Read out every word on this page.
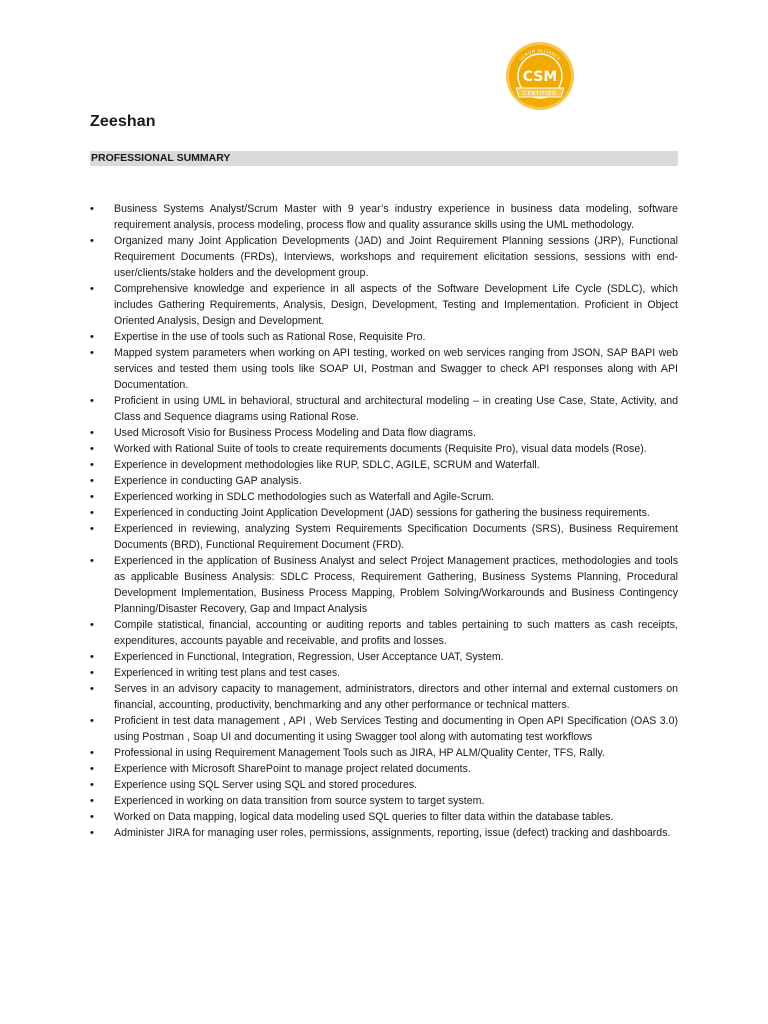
SCRUM ALLIANCE
CSM
CERTIFIED
Zeeshan
PROFESSIONAL SUMMARY
•	Business Systems Analyst/Scrum Master with 9 year’s industry experience in business data modeling, software requirement analysis, process modeling, process flow and quality assurance skills using the UML methodology.
•	Organized many Joint Application Developments (JAD) and Joint Requirement Planning sessions (JRP), Functional Requirement Documents (FRDs), Interviews, workshops and requirement elicitation sessions, sessions with end-user/clients/stake holders and the development group.
•	Comprehensive knowledge and experience in all aspects of the Software Development Life Cycle (SDLC), which includes Gathering Requirements, Analysis, Design, Development, Testing and Implementation. Proficient in Object Oriented Analysis, Design and Development.
•	Expertise in the use of tools such as Rational Rose, Requisite Pro.
•	Mapped system parameters when working on API testing, worked on web services ranging from JSON, SAP BAPI web services and tested them using tools like SOAP UI, Postman and Swagger to check API responses along with API Documentation.
•	Proficient in using UML in behavioral, structural and architectural modeling – in creating Use Case, State, Activity, and Class and Sequence diagrams using Rational Rose.
•	Used Microsoft Visio for Business Process Modeling and Data flow diagrams.
•	Worked with Rational Suite of tools to create requirements documents (Requisite Pro), visual data models (Rose).
•	Experience in development methodologies like RUP, SDLC, AGILE, SCRUM and Waterfall.
•	Experience in conducting GAP analysis.
•	Experienced working in SDLC methodologies such as Waterfall and Agile-Scrum.
•	Experienced in conducting Joint Application Development (JAD) sessions for gathering the business requirements.
•	Experienced in reviewing, analyzing System Requirements Specification Documents (SRS), Business Requirement Documents (BRD), Functional Requirement Document (FRD).
•	Experienced in the application of Business Analyst and select Project Management practices, methodologies and tools as applicable Business Analysis: SDLC Process, Requirement Gathering, Business Systems Planning, Procedural Development Implementation, Business Process Mapping, Problem Solving/Workarounds and Business Contingency Planning/Disaster Recovery, Gap and Impact Analysis
•	Compile statistical, financial, accounting or auditing reports and tables pertaining to such matters as cash receipts, expenditures, accounts payable and receivable, and profits and losses.
•	Experienced in Functional, Integration, Regression, User Acceptance UAT, System.
•	Experienced in writing test plans and test cases.
•	Serves in an advisory capacity to management, administrators, directors and other internal and external customers on financial, accounting, productivity, benchmarking and any other performance or technical matters.
•	Proficient in test data management , API , Web Services Testing and documenting in Open API Specification (OAS 3.0) using Postman , Soap UI and documenting it using Swagger tool along with automating test workflows
•	Professional in using Requirement Management Tools such as JIRA, HP ALM/Quality Center, TFS, Rally.
•	Experience with Microsoft SharePoint to manage project related documents.
•	Experience using SQL Server using SQL and stored procedures.
•	Experienced in working on data transition from source system to target system.
•	Worked on Data mapping, logical data modeling used SQL queries to filter data within the database tables.
•	Administer JIRA for managing user roles, permissions, assignments, reporting, issue (defect) tracking and dashboards.
